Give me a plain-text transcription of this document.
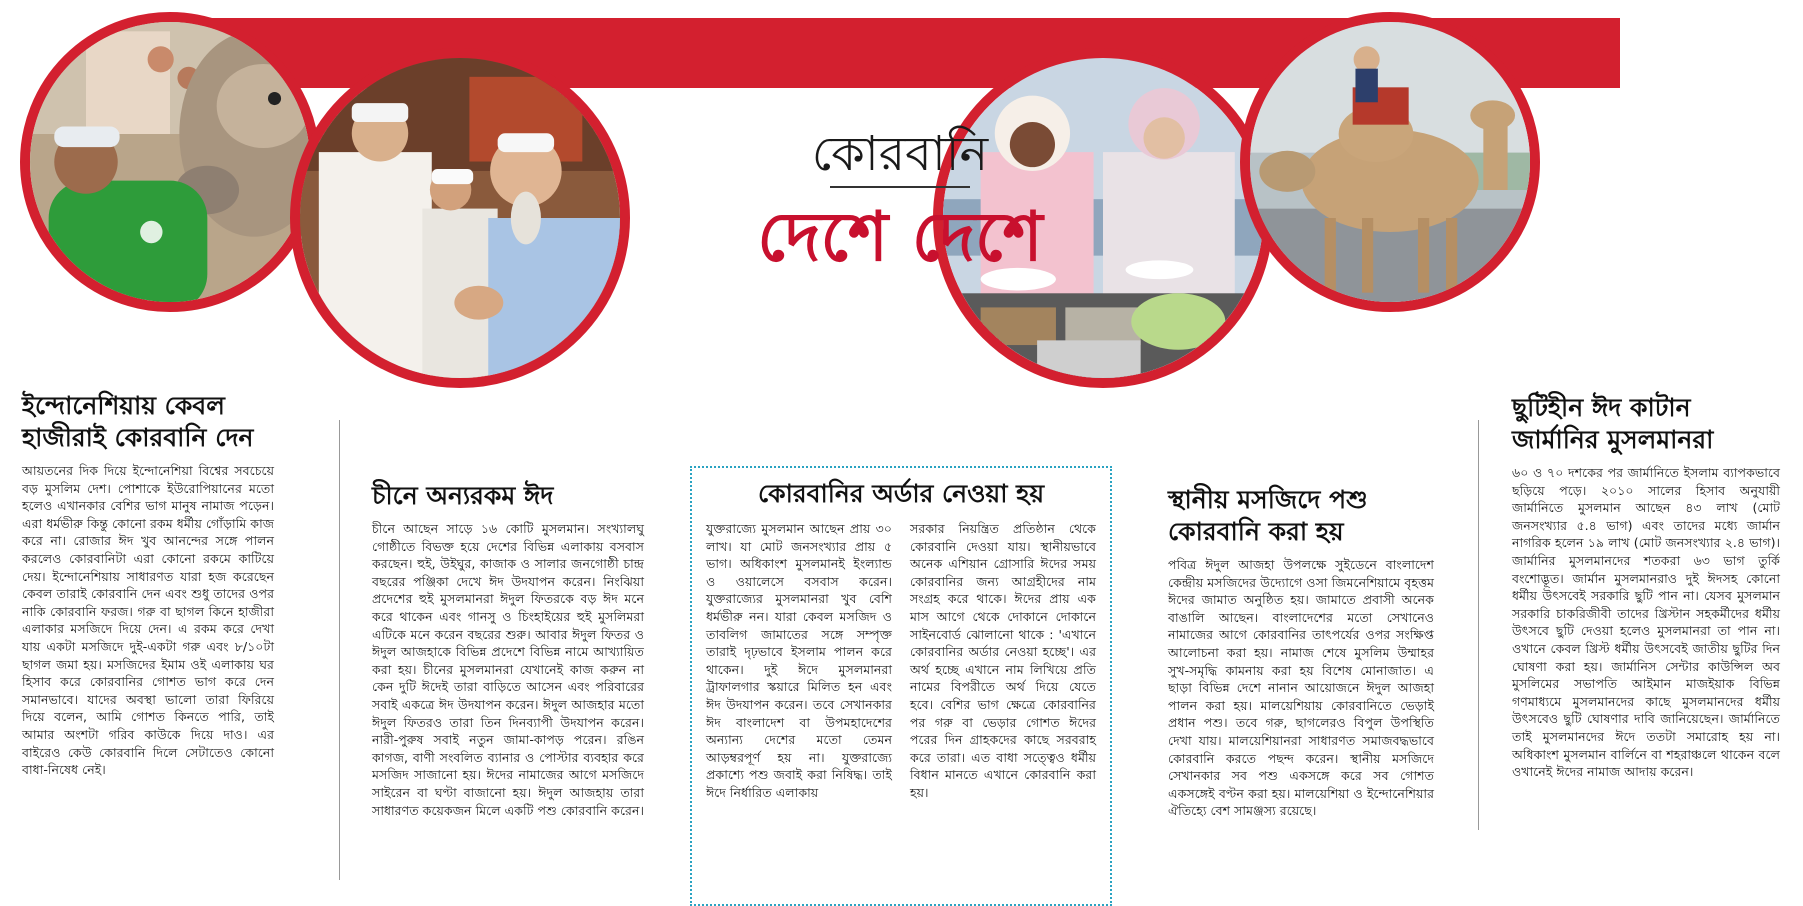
কোরবানি
দেশে দেশে
ইন্দোনেশিয়ায় কেবল হাজীরাই কোরবানি দেন

আয়তনের দিক দিয়ে ইন্দোনেশিয়া বিশ্বের সবচেয়ে বড় মুসলিম দেশ। পোশাকে ইউরোপিয়ানের মতো হলেও এখানকার বেশির ভাগ মানুষ নামাজ পড়েন। এরা ধর্মভীরু কিন্তু কোনো রকম ধর্মীয় গোঁড়ামি কাজ করে না। রোজার ঈদ খুব আনন্দের সঙ্গে পালন করলেও কোরবানিটা এরা কোনো রকমে কাটিয়ে দেয়। ইন্দোনেশিয়ায় সাধারণত যারা হজ করেছেন কেবল তারাই কোরবানি দেন এবং শুধু তাদের ওপর নাকি কোরবানি ফরজ। গরু বা ছাগল কিনে হাজীরা এলাকার মসজিদে দিয়ে দেন। এ রকম করে দেখা যায় একটা মসজিদে দুই-একটা গরু এবং ৮/১০টা ছাগল জমা হয়। মসজিদের ইমাম ওই এলাকায় ঘর হিসাব করে কোরবানির গোশত ভাগ করে দেন সমানভাবে। যাদের অবস্থা ভালো তারা ফিরিয়ে দিয়ে বলেন, আমি গোশত কিনতে পারি, তাই আমার অংশটা গরিব কাউকে দিয়ে দাও। এর বাইরেও কেউ কোরবানি দিলে সেটাতেও কোনো বাধা-নিষেধ নেই।

চীনে অন্যরকম ঈদ

চীনে আছেন সাড়ে ১৬ কোটি মুসলমান। সংখ্যালঘু গোষ্ঠীতে বিভক্ত হয়ে দেশের বিভিন্ন এলাকায় বসবাস করছেন। হুই, উইঘুর, কাজাক ও সালার জনগোষ্ঠী চান্দ্র বছরের পঞ্জিকা দেখে ঈদ উদযাপন করেন। নিংঝিয়া প্রদেশের হুই মুসলমানরা ঈদুল ফিতরকে বড় ঈদ মনে করে থাকেন এবং গানসু ও চিংহাইয়ের হুই মুসলিমরা এটিকে মনে করেন বছরের শুরু। আবার ঈদুল ফিতর ও ঈদুল আজহাকে বিভিন্ন প্রদেশে বিভিন্ন নামে আখ্যায়িত করা হয়। চীনের মুসলমানরা যেখানেই কাজ করুন না কেন দুটি ঈদেই তারা বাড়িতে আসেন এবং পরিবারের সবাই একত্রে ঈদ উদযাপন করেন। ঈদুল আজহার মতো ঈদুল ফিতরও তারা তিন দিনব্যাপী উদযাপন করেন। নারী-পুরুষ সবাই নতুন জামা-কাপড় পরেন। রঙিন কাগজ, বাণী সংবলিত ব্যানার ও পোস্টার ব্যবহার করে মসজিদ সাজানো হয়। ঈদের নামাজের আগে মসজিদে সাইরেন বা ঘণ্টা বাজানো হয়। ঈদুল আজহায় তারা সাধারণত কয়েকজন মিলে একটি পশু কোরবানি করেন।

কোরবানির অর্ডার নেওয়া হয়

যুক্তরাজ্যে মুসলমান আছেন প্রায় ৩০ লাখ। যা মোট জনসংখ্যার প্রায় ৫ ভাগ। অধিকাংশ মুসলমানই ইংল্যান্ড ও ওয়ালেসে বসবাস করেন। যুক্তরাজ্যের মুসলমানরা খুব বেশি ধর্মভীরু নন। যারা কেবল মসজিদ ও তাবলিগ জামাতের সঙ্গে সম্পৃক্ত তারাই দৃঢ়ভাবে ইসলাম পালন করে থাকেন। দুই ঈদে মুসলমানরা ট্রাফালগার স্কয়ারে মিলিত হন এবং ঈদ উদযাপন করেন। তবে সেখানকার ঈদ বাংলাদেশ বা উপমহাদেশের অন্যান্য দেশের মতো তেমন আড়ম্বরপূর্ণ হয় না। যুক্তরাজ্যে প্রকাশ্যে পশু জবাই করা নিষিদ্ধ। তাই ঈদে নির্ধারিত এলাকায়

সরকার নিয়ন্ত্রিত প্রতিষ্ঠান থেকে কোরবানি দেওয়া যায়। স্থানীয়ভাবে অনেক এশিয়ান গ্রোসারি ঈদের সময় কোরবানির জন্য আগ্রহীদের নাম সংগ্রহ করে থাকে। ঈদের প্রায় এক মাস আগে থেকে দোকানে দোকানে সাইনবোর্ড ঝোলানো থাকে : 'এখানে কোরবানির অর্ডার নেওয়া হচ্ছে'। এর অর্থ হচ্ছে এখানে নাম লিখিয়ে প্রতি নামের বিপরীতে অর্থ দিয়ে যেতে হবে। বেশির ভাগ ক্ষেত্রে কোরবানির পর গরু বা ভেড়ার গোশত ঈদের পরের দিন গ্রাহকদের কাছে সরবরাহ করে তারা। এত বাধা সত্ত্বেও ধর্মীয় বিধান মানতে এখানে কোরবানি করা হয়।

স্থানীয় মসজিদে পশু কোরবানি করা হয়

পবিত্র ঈদুল আজহা উপলক্ষে সুইডেনে বাংলাদেশ কেন্দ্রীয় মসজিদের উদ্যোগে ওসা জিমনেশিয়ামে বৃহত্তম ঈদের জামাত অনুষ্ঠিত হয়। জামাতে প্রবাসী অনেক বাঙালি আছেন। বাংলাদেশের মতো সেখানেও নামাজের আগে কোরবানির তাৎপর্যের ওপর সংক্ষিপ্ত আলোচনা করা হয়। নামাজ শেষে মুসলিম উম্মাহর সুখ-সমৃদ্ধি কামনায় করা হয় বিশেষ মোনাজাত। এ ছাড়া বিভিন্ন দেশে নানান আয়োজনে ঈদুল আজহা পালন করা হয়। মালয়েশিয়ায় কোরবানিতে ভেড়াই প্রধান পশু। তবে গরু, ছাগলেরও বিপুল উপস্থিতি দেখা যায়। মালয়েশিয়ানরা সাধারণত সমাজবদ্ধভাবে কোরবানি করতে পছন্দ করেন। স্থানীয় মসজিদে সেখানকার সব পশু একসঙ্গে করে সব গোশত একসঙ্গেই বণ্টন করা হয়। মালয়েশিয়া ও ইন্দোনেশিয়ার ঐতিহ্যে বেশ সামঞ্জস্য রয়েছে।

ছুটিহীন ঈদ কাটান জার্মানির মুসলমানরা

৬০ ও ৭০ দশকের পর জার্মানিতে ইসলাম ব্যাপকভাবে ছড়িয়ে পড়ে। ২০১০ সালের হিসাব অনুযায়ী জার্মানিতে মুসলমান আছেন ৪৩ লাখ (মোট জনসংখ্যার ৫.৪ ভাগ) এবং তাদের মধ্যে জার্মান নাগরিক হলেন ১৯ লাখ (মোট জনসংখ্যার ২.৪ ভাগ)। জার্মানির মুসলমানদের শতকরা ৬৩ ভাগ তুর্কি বংশোদ্ভূত। জার্মান মুসলমানরাও দুই ঈদসহ কোনো ধর্মীয় উৎসবেই সরকারি ছুটি পান না। যেসব মুসলমান সরকারি চাকরিজীবী তাদের খ্রিস্টান সহকর্মীদের ধর্মীয় উৎসবে ছুটি দেওয়া হলেও মুসলমানরা তা পান না। ওখানে কেবল খ্রিস্ট ধর্মীয় উৎসবেই জাতীয় ছুটির দিন ঘোষণা করা হয়। জার্মানিস সেন্টার কাউন্সিল অব মুসলিমের সভাপতি আইমান মাজইয়াক বিভিন্ন গণমাধ্যমে মুসলমানদের কাছে মুসলমানদের ধর্মীয় উৎসবেও ছুটি ঘোষণার দাবি জানিয়েছেন। জার্মানিতে তাই মুসলমানদের ঈদে ততটা সমারোহ হয় না। অধিকাংশ মুসলমান বার্লিনে বা শহরাঞ্চলে থাকেন বলে ওখানেই ঈদের নামাজ আদায় করেন।
